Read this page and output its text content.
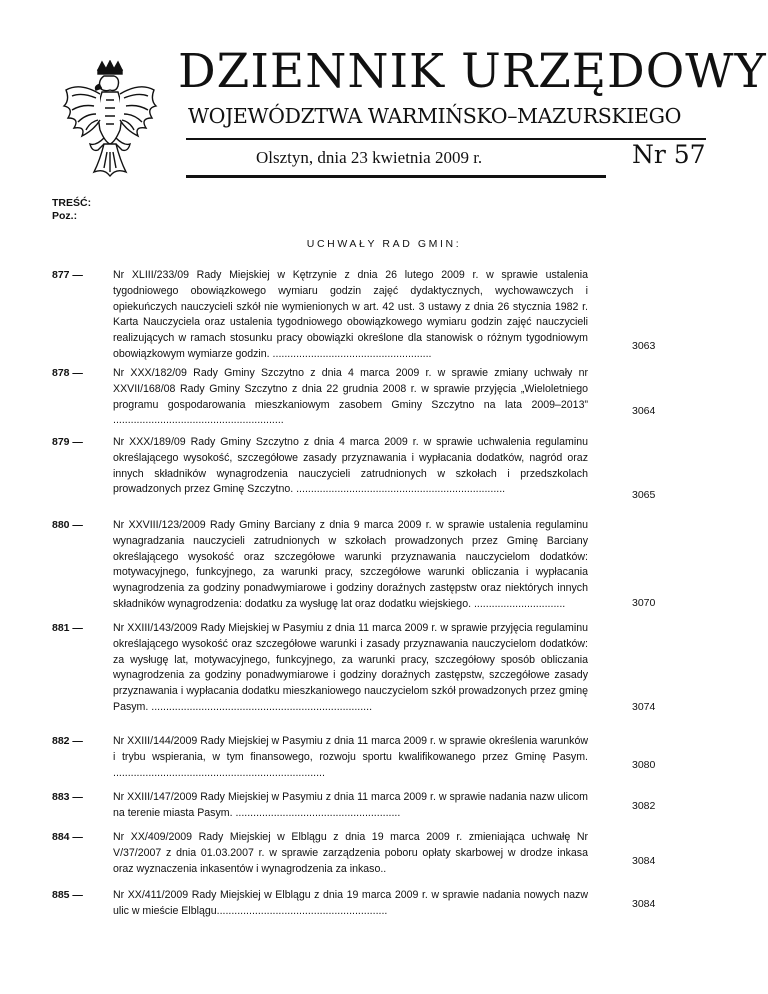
DZIENNIK URZĘDOWY
WOJEWÓDZTWA WARMIŃSKO–MAZURSKIEGO
Olsztyn, dnia 23 kwietnia 2009 r.	Nr 57
TREŚĆ:
Poz.:
UCHWAŁY RAD GMIN:
877 —	Nr XLIII/233/09 Rady Miejskiej w Kętrzynie z dnia 26 lutego 2009 r. w sprawie ustalenia tygodniowego obowiązkowego wymiaru godzin zajęć dydaktycznych, wychowawczych i opiekuńczych nauczycieli szkół nie wymienionych w art. 42 ust. 3 ustawy z dnia 26 stycznia 1982 r. Karta Nauczyciela oraz ustalenia tygodniowego obowiązkowego wymiaru godzin zajęć nauczycieli realizujących w ramach stosunku pracy obowiązki określone dla stanowisk o różnym tygodniowym obowiązkowym wymiarze godzin. ......................................................
3063
878 —	Nr XXX/182/09 Rady Gminy Szczytno z dnia 4 marca 2009 r. w sprawie zmiany uchwały nr XXVII/168/08 Rady Gminy Szczytno z dnia 22 grudnia 2008 r. w sprawie przyjęcia „Wieloletniego programu gospodarowania mieszkaniowym zasobem Gminy Szczytno na lata 2009–2013” ..........................................................
3064
879 —	Nr XXX/189/09 Rady Gminy Szczytno z dnia 4 marca 2009 r. w sprawie uchwalenia regulaminu określającego wysokość, szczegółowe zasady przyznawania i wypłacania dodatków, nagród oraz innych składników wynagrodzenia nauczycieli zatrudnionych w szkołach i przedszkolach prowadzonych przez Gminę Szczytno. .......................................................................	3065
880 —	Nr XXVIII/123/2009 Rady Gminy Barciany z dnia 9 marca 2009 r. w sprawie ustalenia regulaminu wynagradzania nauczycieli zatrudnionych w szkołach prowadzonych przez Gminę Barciany określającego wysokość oraz szczegółowe warunki przyznawania nauczycielom dodatków: motywacyjnego, funkcyjnego, za warunki pracy, szczegółowe warunki obliczania i wypłacania wynagrodzenia za godziny ponadwymiarowe i godziny doraźnych zastępstw oraz niektórych innych składników wynagrodzenia: dodatku za wysługę lat oraz dodatku wiejskiego. ...............................	3070
881 —	Nr XXIII/143/2009 Rady Miejskiej w Pasymiu z dnia 11 marca 2009 r. w sprawie przyjęcia regulaminu określającego wysokość oraz szczegółowe warunki i zasady przyznawania nauczycielom dodatków: za wysługę lat, motywacyjnego, funkcyjnego, za warunki pracy, szczegółowy sposób obliczania wynagrodzenia za godziny ponadwymiarowe i godziny doraźnych zastępstw, szczegółowe zasady przyznawania i wypłacania dodatku mieszkaniowego nauczycielom szkół prowadzonych przez gminę Pasym. ...........................................................................	3074
882 —	Nr XXIII/144/2009 Rady Miejskiej w Pasymiu z dnia 11 marca 2009 r. w sprawie określenia warunków i trybu wspierania, w tym finansowego, rozwoju sportu kwalifikowanego przez Gminę Pasym. ........................................................................
3080
883 —	Nr XXIII/147/2009 Rady Miejskiej w Pasymiu z dnia 11 marca 2009 r. w sprawie nadania nazw ulicom na terenie miasta Pasym. ........................................................
3082
884 —	Nr XX/409/2009 Rady Miejskiej w Elblągu z dnia 19 marca 2009 r. zmieniająca uchwałę Nr V/37/2007 z dnia 01.03.2007 r. w sprawie zarządzenia poboru opłaty skarbowej w drodze inkasa oraz wyznaczenia inkasentów i wynagrodzenia za inkaso..
3084
885 —	Nr XX/411/2009 Rady Miejskiej w Elblągu z dnia 19 marca 2009 r. w sprawie nadania nowych nazw ulic w mieście Elblągu..........................................................
3084
